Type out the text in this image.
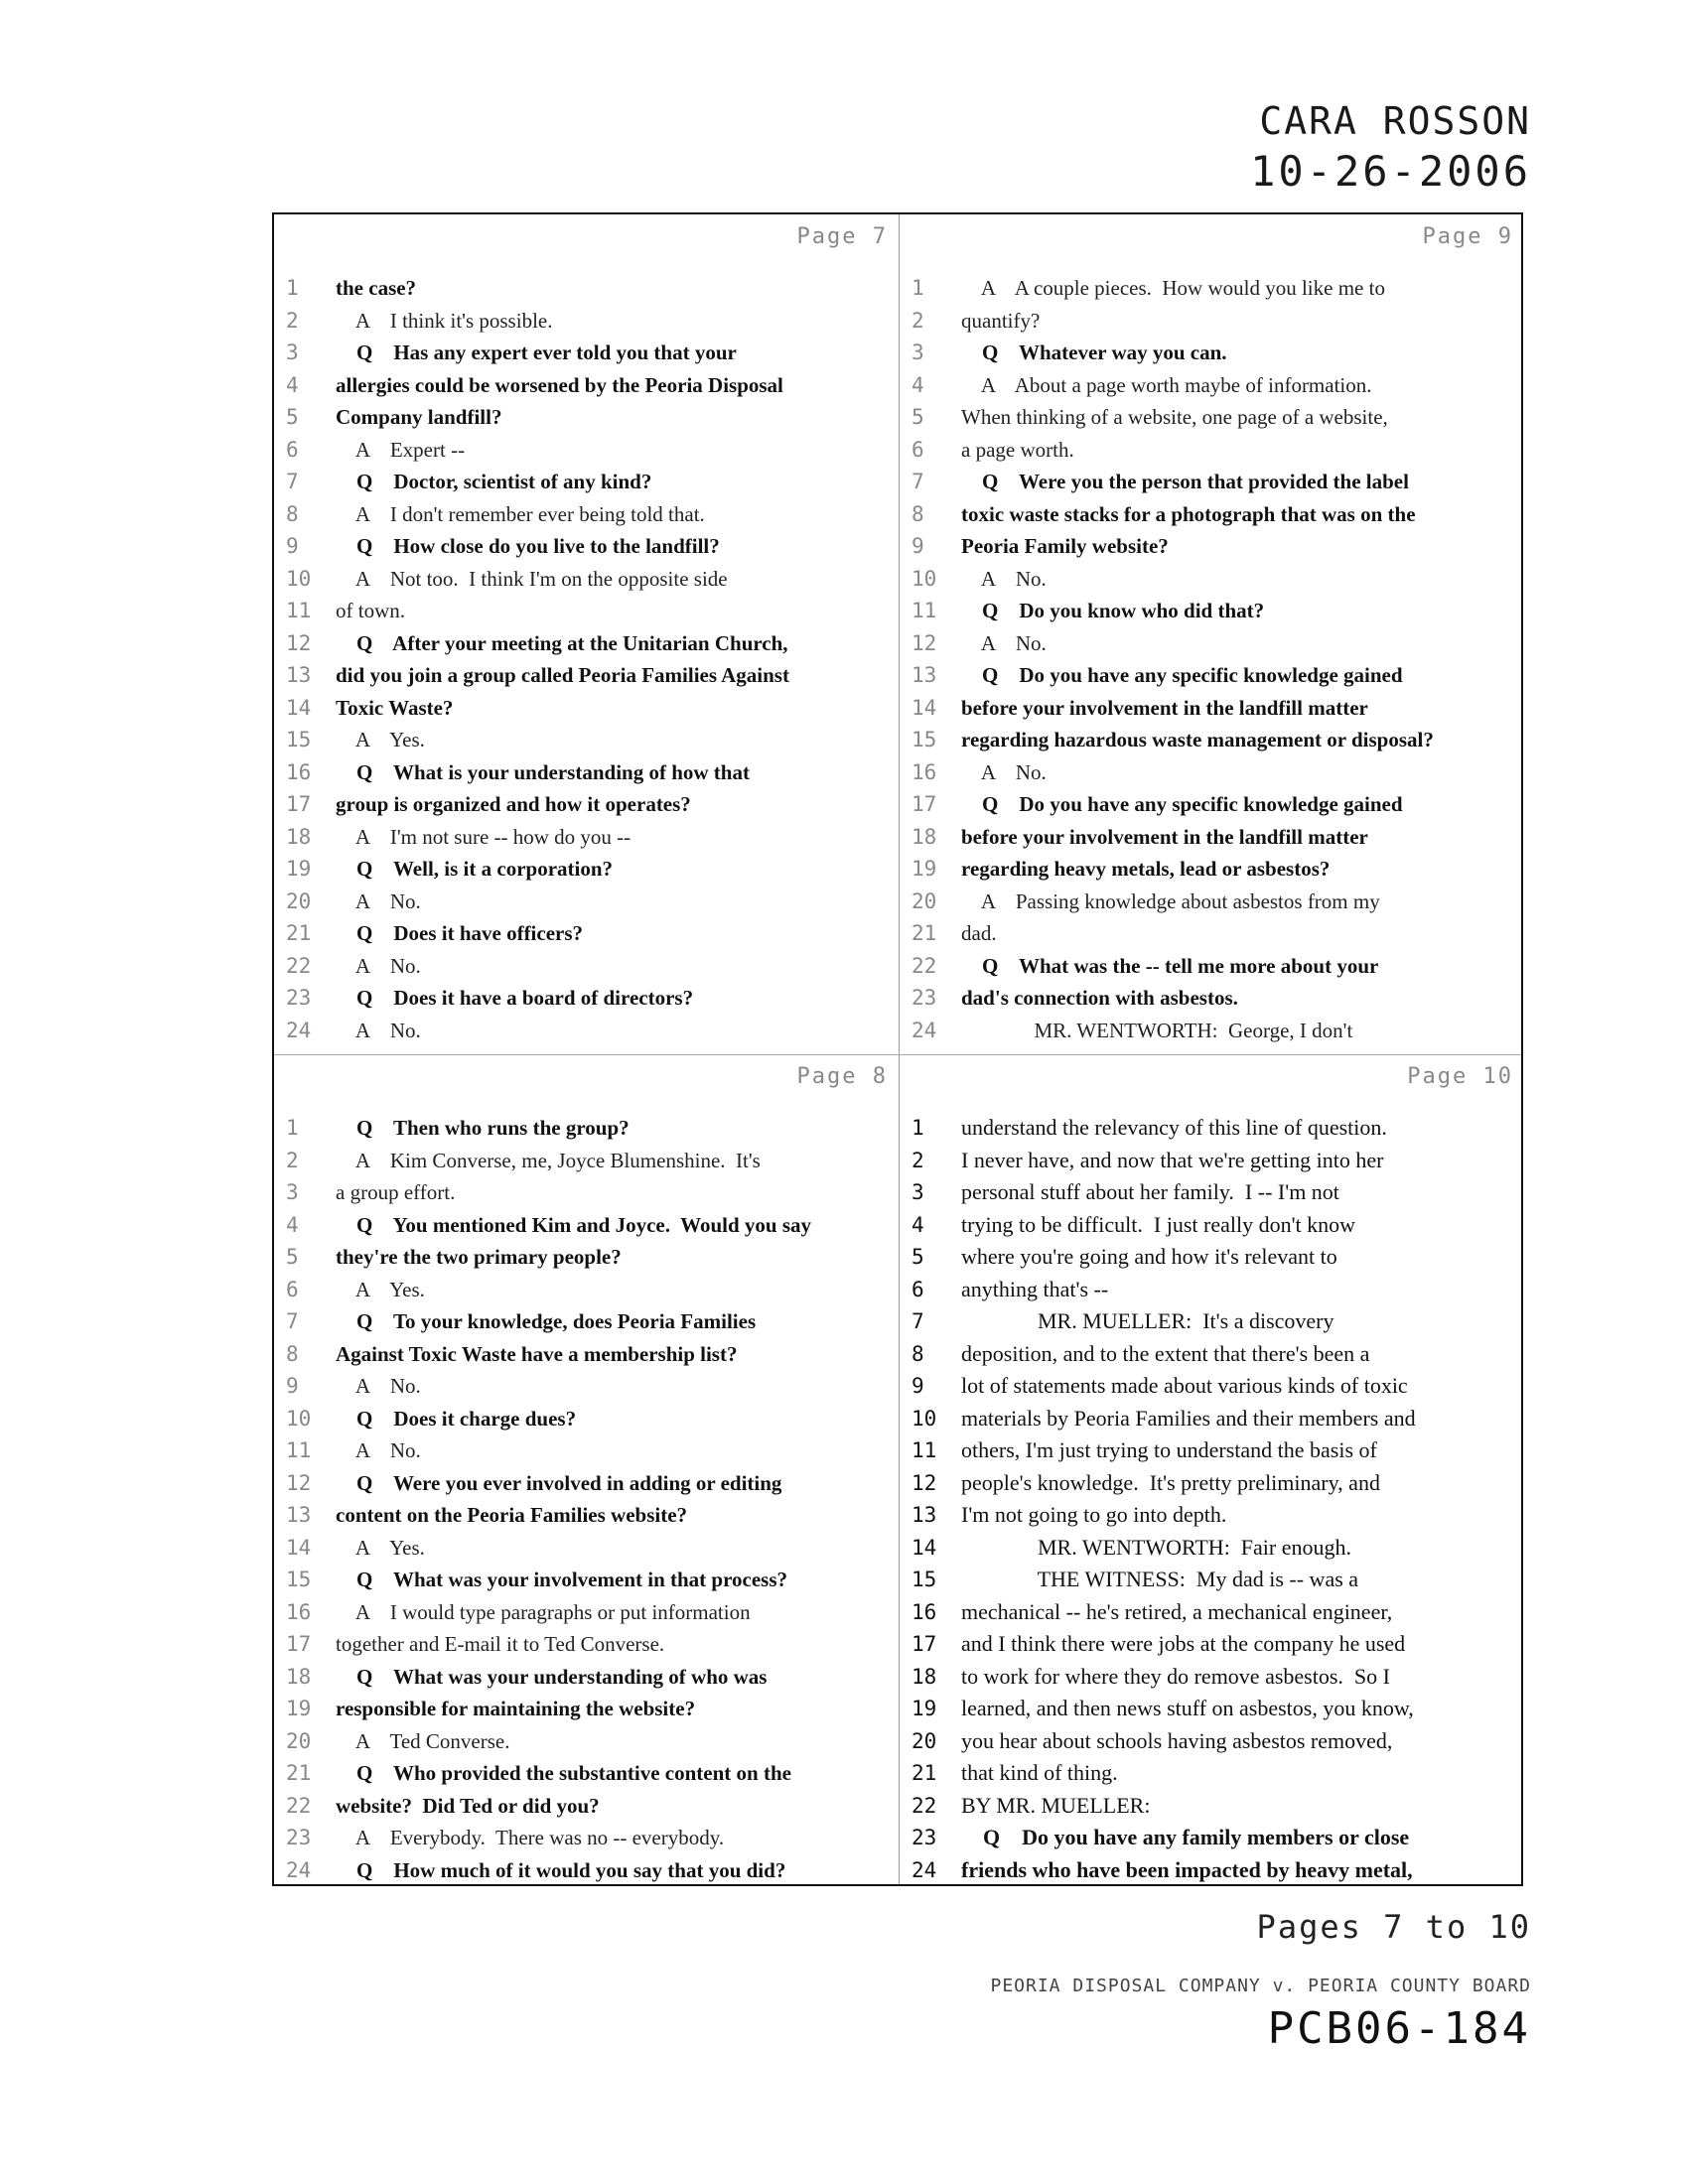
CARA ROSSON
10-26-2006
Page 7
1	the case?
2	A    I think it's possible.
3	Q    Has any expert ever told you that your
4	allergies could be worsened by the Peoria Disposal
5	Company landfill?
6	A    Expert --
7	Q    Doctor, scientist of any kind?
8	A    I don't remember ever being told that.
9	Q    How close do you live to the landfill?
10	A    Not too.  I think I'm on the opposite side
11	of town.
12	Q    After your meeting at the Unitarian Church,
13	did you join a group called Peoria Families Against
14	Toxic Waste?
15	A    Yes.
16	Q    What is your understanding of how that
17	group is organized and how it operates?
18	A    I'm not sure -- how do you --
19	Q    Well, is it a corporation?
20	A    No.
21	Q    Does it have officers?
22	A    No.
23	Q    Does it have a board of directors?
24	A    No.
Page 9
1	A    A couple pieces.  How would you like me to
2	quantify?
3	Q    Whatever way you can.
4	A    About a page worth maybe of information.
5	When thinking of a website, one page of a website,
6	a page worth.
7	Q    Were you the person that provided the label
8	toxic waste stacks for a photograph that was on the
9	Peoria Family website?
10	A    No.
11	Q    Do you know who did that?
12	A    No.
13	Q    Do you have any specific knowledge gained
14	before your involvement in the landfill matter
15	regarding hazardous waste management or disposal?
16	A    No.
17	Q    Do you have any specific knowledge gained
18	before your involvement in the landfill matter
19	regarding heavy metals, lead or asbestos?
20	A    Passing knowledge about asbestos from my
21	dad.
22	Q    What was the -- tell me more about your
23	dad's connection with asbestos.
24	MR. WENTWORTH:  George, I don't
Page 8
1	Q    Then who runs the group?
2	A    Kim Converse, me, Joyce Blumenshine.  It's
3	a group effort.
4	Q    You mentioned Kim and Joyce.  Would you say
5	they're the two primary people?
6	A    Yes.
7	Q    To your knowledge, does Peoria Families
8	Against Toxic Waste have a membership list?
9	A    No.
10	Q    Does it charge dues?
11	A    No.
12	Q    Were you ever involved in adding or editing
13	content on the Peoria Families website?
14	A    Yes.
15	Q    What was your involvement in that process?
16	A    I would type paragraphs or put information
17	together and E-mail it to Ted Converse.
18	Q    What was your understanding of who was
19	responsible for maintaining the website?
20	A    Ted Converse.
21	Q    Who provided the substantive content on the
22	website?  Did Ted or did you?
23	A    Everybody.  There was no -- everybody.
24	Q    How much of it would you say that you did?
Page 10
1	understand the relevancy of this line of question.
2	I never have, and now that we're getting into her
3	personal stuff about her family.  I -- I'm not
4	trying to be difficult.  I just really don't know
5	where you're going and how it's relevant to
6	anything that's --
7	MR. MUELLER:  It's a discovery
8	deposition, and to the extent that there's been a
9	lot of statements made about various kinds of toxic
10	materials by Peoria Families and their members and
11	others, I'm just trying to understand the basis of
12	people's knowledge.  It's pretty preliminary, and
13	I'm not going to go into depth.
14	MR. WENTWORTH:  Fair enough.
15	THE WITNESS:  My dad is -- was a
16	mechanical -- he's retired, a mechanical engineer,
17	and I think there were jobs at the company he used
18	to work for where they do remove asbestos.  So I
19	learned, and then news stuff on asbestos, you know,
20	you hear about schools having asbestos removed,
21	that kind of thing.
22	BY MR. MUELLER:
23	Q    Do you have any family members or close
24	friends who have been impacted by heavy metal,
Pages 7 to 10
PEORIA DISPOSAL COMPANY v. PEORIA COUNTY BOARD
PCB06-184
